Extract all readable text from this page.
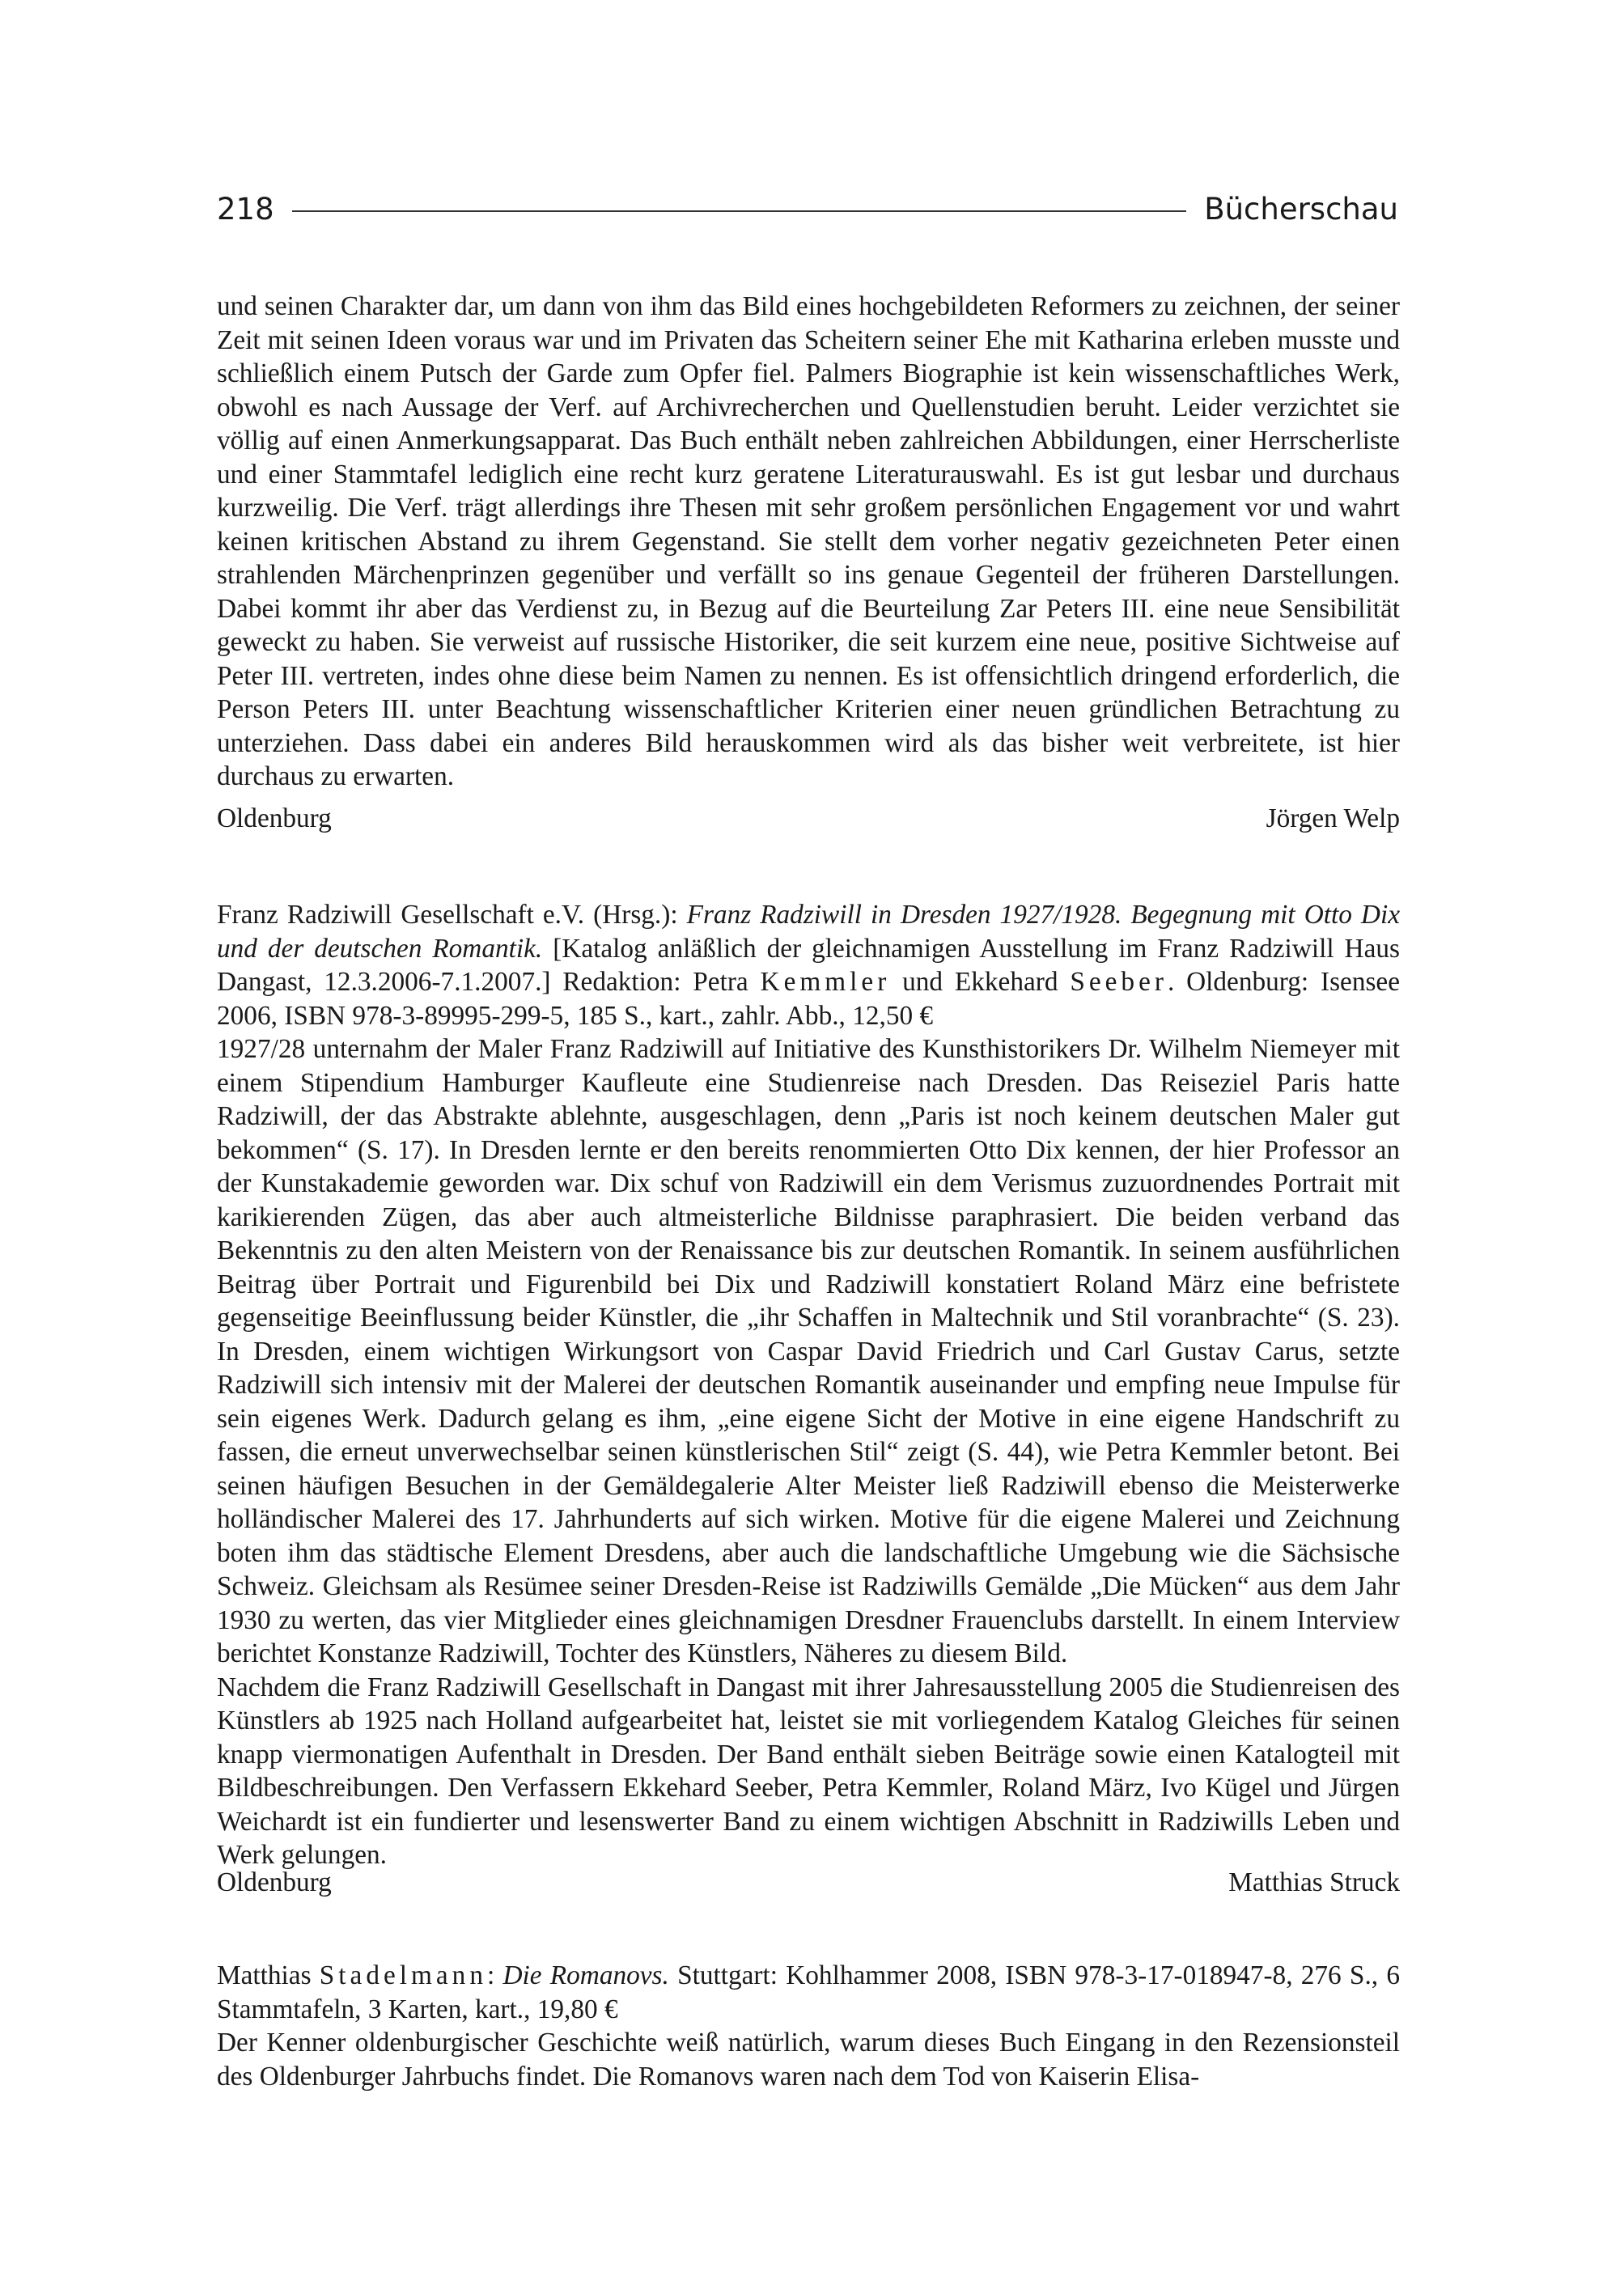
218	Bücherschau

und seinen Charakter dar, um dann von ihm das Bild eines hochgebildeten Reformers zu zeichnen, der seiner Zeit mit seinen Ideen voraus war und im Privaten das Scheitern seiner Ehe mit Katharina erleben musste und schließlich einem Putsch der Garde zum Opfer fiel. Palmers Biographie ist kein wissenschaftliches Werk, obwohl es nach Aussage der Verf. auf Archivrecherchen und Quellenstudien beruht. Leider verzichtet sie völlig auf einen Anmerkungsapparat. Das Buch enthält neben zahlreichen Abbildungen, einer Herrscherliste und einer Stammtafel lediglich eine recht kurz geratene Literaturauswahl. Es ist gut lesbar und durchaus kurzweilig. Die Verf. trägt allerdings ihre Thesen mit sehr großem persönlichen Engagement vor und wahrt keinen kritischen Abstand zu ihrem Gegenstand. Sie stellt dem vorher negativ gezeichneten Peter einen strahlenden Märchenprinzen gegenüber und verfällt so ins genaue Gegenteil der früheren Darstellungen. Dabei kommt ihr aber das Verdienst zu, in Bezug auf die Beurteilung Zar Peters III. eine neue Sensibilität geweckt zu haben. Sie verweist auf russische Historiker, die seit kurzem eine neue, positive Sichtweise auf Peter III. vertreten, indes ohne diese beim Namen zu nennen. Es ist offensichtlich dringend erforderlich, die Person Peters III. unter Beachtung wissenschaftlicher Kriterien einer neuen gründlichen Betrachtung zu unterziehen. Dass dabei ein anderes Bild herauskommen wird als das bisher weit verbreitete, ist hier durchaus zu erwarten.

Oldenburg	Jörgen Welp

Franz Radziwill Gesellschaft e.V. (Hrsg.): Franz Radziwill in Dresden 1927/1928. Begegnung mit Otto Dix und der deutschen Romantik. [Katalog anläßlich der gleichnamigen Ausstellung im Franz Radziwill Haus Dangast, 12.3.2006-7.1.2007.] Redaktion: Petra Kemmler und Ekkehard Seeber. Oldenburg: Isensee 2006, ISBN 978-3-89995-299-5, 185 S., kart., zahlr. Abb., 12,50 €

1927/28 unternahm der Maler Franz Radziwill auf Initiative des Kunsthistorikers Dr. Wilhelm Niemeyer mit einem Stipendium Hamburger Kaufleute eine Studienreise nach Dresden. Das Reiseziel Paris hatte Radziwill, der das Abstrakte ablehnte, ausgeschlagen, denn „Paris ist noch keinem deutschen Maler gut bekommen“ (S. 17). In Dresden lernte er den bereits renommierten Otto Dix kennen, der hier Professor an der Kunstakademie geworden war. Dix schuf von Radziwill ein dem Verismus zuzuordnendes Portrait mit karikierenden Zügen, das aber auch altmeisterliche Bildnisse paraphrasiert. Die beiden verband das Bekenntnis zu den alten Meistern von der Renaissance bis zur deutschen Romantik. In seinem ausführlichen Beitrag über Portrait und Figurenbild bei Dix und Radziwill konstatiert Roland März eine befristete gegenseitige Beeinflussung beider Künstler, die „ihr Schaffen in Maltechnik und Stil voranbrachte“ (S. 23). In Dresden, einem wichtigen Wirkungsort von Caspar David Friedrich und Carl Gustav Carus, setzte Radziwill sich intensiv mit der Malerei der deutschen Romantik auseinander und empfing neue Impulse für sein eigenes Werk. Dadurch gelang es ihm, „eine eigene Sicht der Motive in eine eigene Handschrift zu fassen, die erneut unverwechselbar seinen künstlerischen Stil“ zeigt (S. 44), wie Petra Kemmler betont. Bei seinen häufigen Besuchen in der Gemäldegalerie Alter Meister ließ Radziwill ebenso die Meisterwerke holländischer Malerei des 17. Jahrhunderts auf sich wirken. Motive für die eigene Malerei und Zeichnung boten ihm das städtische Element Dresdens, aber auch die landschaftliche Umgebung wie die Sächsische Schweiz. Gleichsam als Resümee seiner Dresden-Reise ist Radziwills Gemälde „Die Mücken“ aus dem Jahr 1930 zu werten, das vier Mitglieder eines gleichnamigen Dresdner Frauenclubs darstellt. In einem Interview berichtet Konstanze Radziwill, Tochter des Künstlers, Näheres zu diesem Bild.

Nachdem die Franz Radziwill Gesellschaft in Dangast mit ihrer Jahresausstellung 2005 die Studienreisen des Künstlers ab 1925 nach Holland aufgearbeitet hat, leistet sie mit vorliegendem Katalog Gleiches für seinen knapp viermonatigen Aufenthalt in Dresden. Der Band enthält sieben Beiträge sowie einen Katalogteil mit Bildbeschreibungen. Den Verfassern Ekkehard Seeber, Petra Kemmler, Roland März, Ivo Kügel und Jürgen Weichardt ist ein fundierter und lesenswerter Band zu einem wichtigen Abschnitt in Radziwills Leben und Werk gelungen.

Oldenburg	Matthias Struck

Matthias Stadelmann: Die Romanovs. Stuttgart: Kohlhammer 2008, ISBN 978-3-17-018947-8, 276 S., 6 Stammtafeln, 3 Karten, kart., 19,80 €

Der Kenner oldenburgischer Geschichte weiß natürlich, warum dieses Buch Eingang in den Rezensionsteil des Oldenburger Jahrbuchs findet. Die Romanovs waren nach dem Tod von Kaiserin Elisa-
